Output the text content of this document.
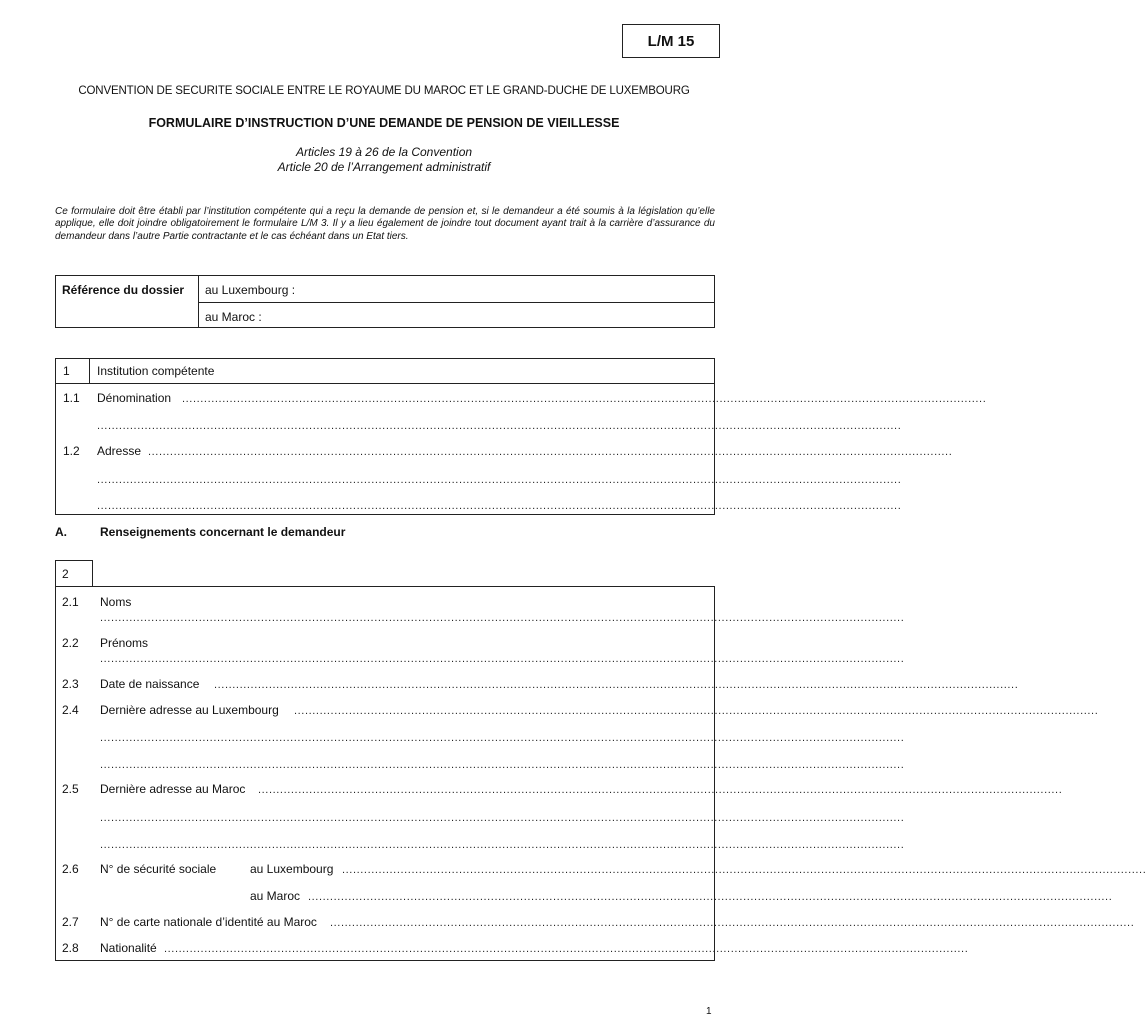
L/M 15
CONVENTION DE SECURITE SOCIALE ENTRE LE ROYAUME DU MAROC ET LE GRAND-DUCHE DE LUXEMBOURG
FORMULAIRE D’INSTRUCTION D’UNE DEMANDE DE PENSION DE VIEILLESSE
Articles 19 à 26 de la Convention
Article 20 de l’Arrangement administratif
Ce formulaire doit être établi par l’institution compétente qui a reçu la demande de pension et, si le demandeur a été soumis à la législation qu’elle applique, elle doit joindre obligatoirement le formulaire L/M 3. Il y a lieu également de joindre tout document ayant trait à la carrière d’assurance du demandeur dans l’autre Partie contractante et le cas échéant dans un Etat tiers.
Référence du dossier au Luxembourg :
au Maroc :
1 Institution compétente
1.1 Dénomination ............................................................................................................................................................................................................................
............................................................................................................................................................................................................................
1.2 Adresse ............................................................................................................................................................................................................................
............................................................................................................................................................................................................................
............................................................................................................................................................................................................................
A.	Renseignements concernant le demandeur
2
2.1 Noms
............................................................................................................................................................................................................................
2.2 Prénoms
............................................................................................................................................................................................................................
2.3 Date de naissance ............................................................................................................................................................................................................................
2.4 Dernière adresse au Luxembourg ............................................................................................................................................................................................................................
............................................................................................................................................................................................................................
............................................................................................................................................................................................................................
2.5 Dernière adresse au Maroc ............................................................................................................................................................................................................................
............................................................................................................................................................................................................................
............................................................................................................................................................................................................................
2.6 N° de sécurité sociale	au Luxembourg ............................................................................................................................................................................................................................
au Maroc ............................................................................................................................................................................................................................
2.7 N° de carte nationale d’identité au Maroc ............................................................................................................................................................................................................................
2.8 Nationalité ............................................................................................................................................................................................................................
1
